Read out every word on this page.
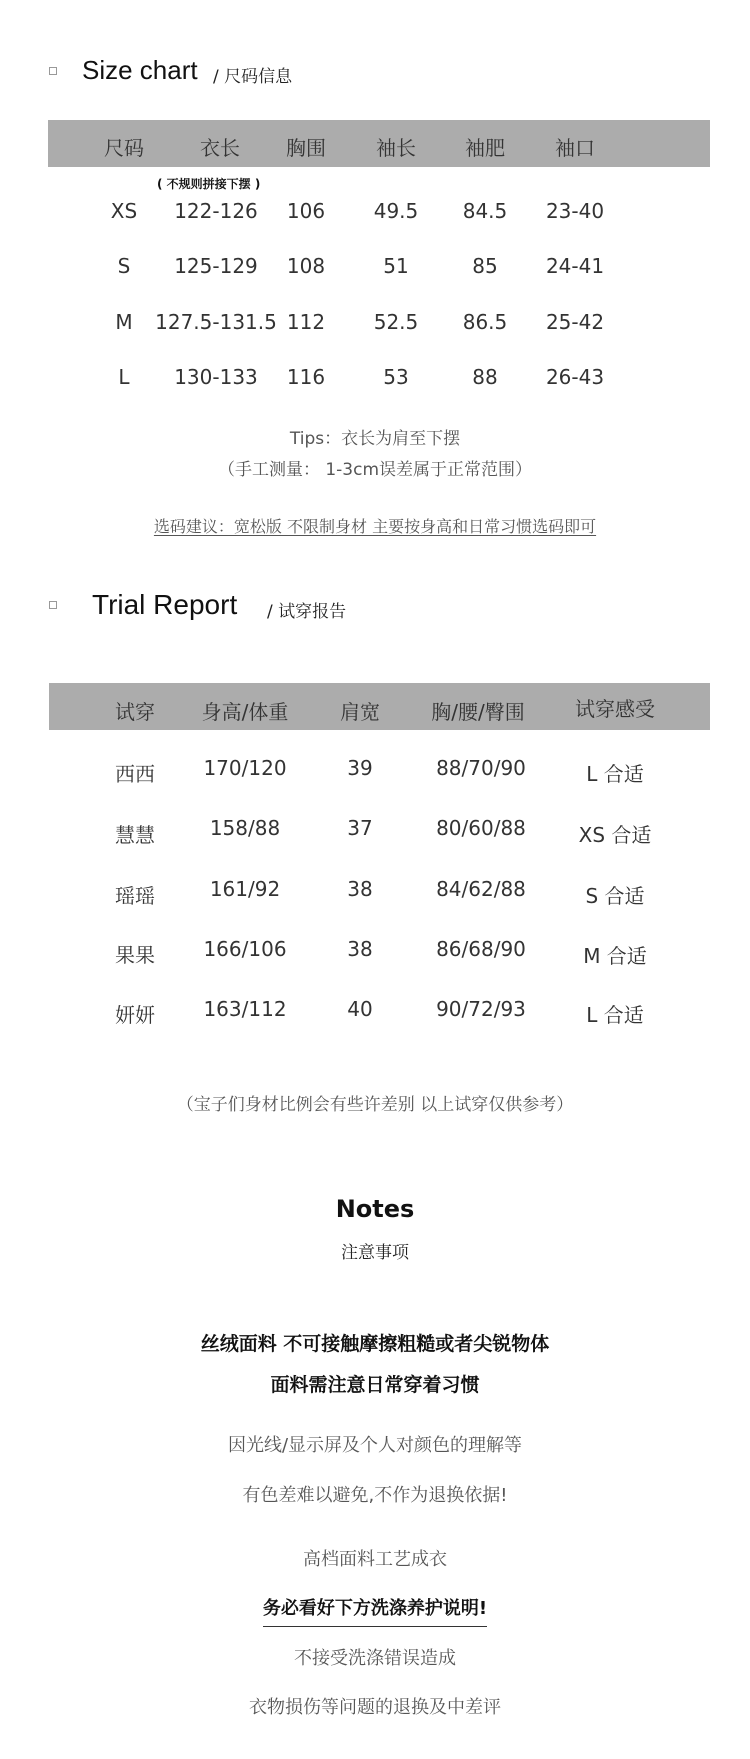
Size chart / 尺码信息
尺码	衣长 胸围	袖长 袖肥	袖口
( 不规则拼接下摆 )
XS 122-126 106 49.5 84.5 23-40
S 125-129 108	51	85 24-41
M 127.5-131.5 112 52.5 86.5 25-42
L 130-133 116	53	88 26-43
Tips：衣长为肩至下摆
（手工测量： 1-3cm误差属于正常范围）
选码建议：宽松版 不限制身材 主要按身高和日常习惯选码即可
Trial Report / 试穿报告
试穿 身高/体重	肩宽	胸/腰/臀围	试穿感受
西西 170/120	39	88/70/90	L 合适
慧慧	158/88	37	80/60/88	XS 合适
瑶瑶	161/92	38	84/62/88	S 合适
果果 166/106	38	86/68/90	M 合适
妍妍 163/112	40	90/72/93	L 合适
（宝子们身材比例会有些许差别 以上试穿仅供参考）
Notes
注意事项
丝绒面料 不可接触摩擦粗糙或者尖锐物体
面料需注意日常穿着习惯
因光线/显示屏及个人对颜色的理解等
有色差难以避免,不作为退换依据!
高档面料工艺成衣
务必看好下方洗涤养护说明!
不接受洗涤错误造成
衣物损伤等问题的退换及中差评
